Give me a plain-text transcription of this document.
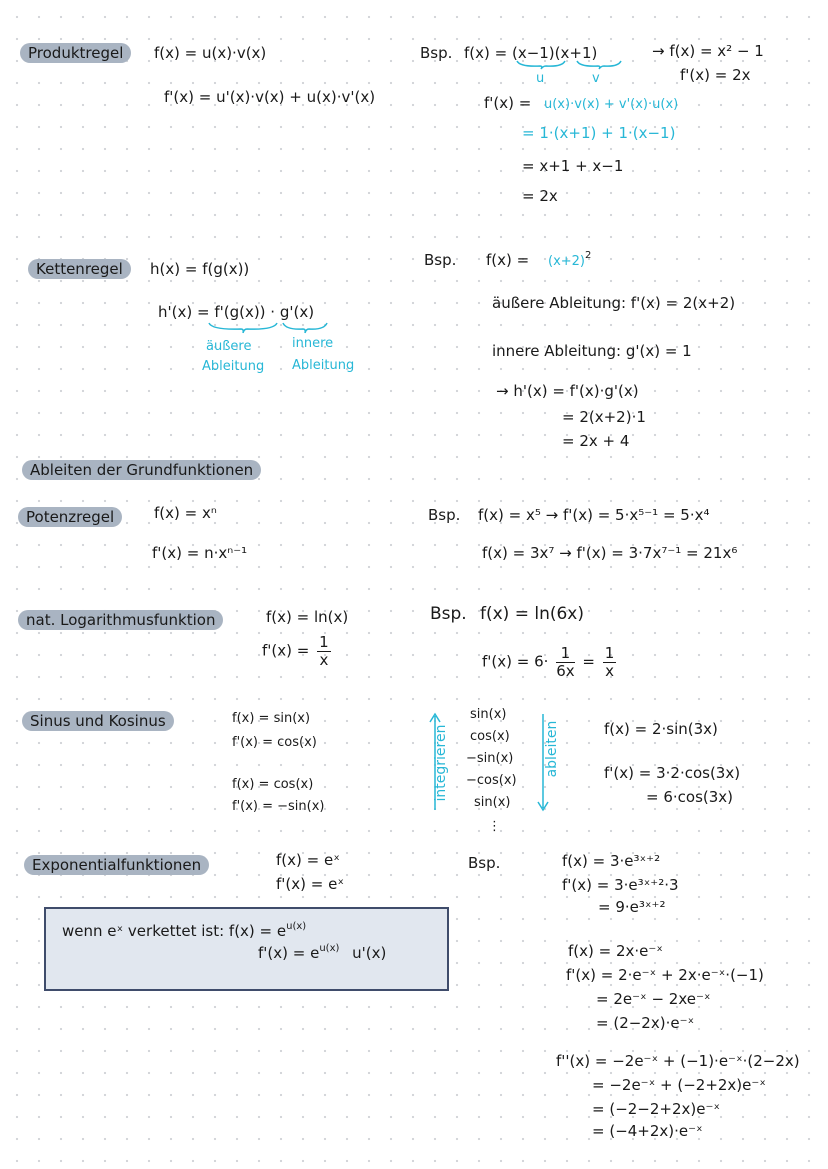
Produktregel	f(x) = u(x)·v(x)
f'(x) = u'(x)·v(x) + u(x)·v'(x)
Bsp. f(x) = (x−1)(x+1)
u	v
→ f(x) = x² − 1
f'(x) = 2x
f'(x) = u(x)·v(x) + v'(x)·u(x)
= 1·(x+1) + 1·(x−1)
= x+1 + x−1
= 2x
Kettenregel	h(x) = f(g(x))
h'(x) = f'(g(x)) · g'(x)
äußere
Ableitung
innere
Ableitung
Bsp. $f(x) = (x+2)^2$
äußere Ableitung: f'(x) = 2(x+2)
innere Ableitung: g'(x) = 1
→ h'(x) = f'(x)·g'(x)
= 2(x+2)·1
= 2x + 4
Ableiten der Grundfunktionen
Potenzregel	f(x) = xⁿ
f'(x) = n·xⁿ⁻¹
Bsp. f(x) = x⁵ → f'(x) = 5·x⁵⁻¹ = 5·x⁴
f(x) = 3x⁷ → f'(x) = 3·7x⁷⁻¹ = 21x⁶
nat. Logarithmusfunktion	f(x) = ln(x)
$f'(x) = \frac{1}{x}$
Bsp. f(x) = ln(6x)
$f'(x) = 6\cdot \frac{1}{6x} = \frac{1}{x}$
Sinus und Kosinus	f(x) = sin(x)
f'(x) = cos(x)
f(x) = cos(x)
f'(x) = −sin(x)
integrieren
sin(x)
cos(x)
−sin(x)
−cos(x)
sin(x)
⋮
ableiten	f(x) = 2·sin(3x)
f'(x) = 3·2·cos(3x)
= 6·cos(3x)
Exponentialfunktionen	f(x) = eˣ
f'(x) = eˣ
wenn eˣ verkettet ist: $f(x) = e^{u(x)}$
$f'(x) = e^{u(x)}$ u'(x)
Bsp.	f(x) = 3·e³ˣ⁺²
f'(x) = 3·e³ˣ⁺²·3
= 9·e³ˣ⁺²
f(x) = 2x·e⁻ˣ
f'(x) = 2·e⁻ˣ + 2x·e⁻ˣ·(−1)
= 2e⁻ˣ − 2xe⁻ˣ
= (2−2x)·e⁻ˣ
f''(x) = −2e⁻ˣ + (−1)·e⁻ˣ·(2−2x)
= −2e⁻ˣ + (−2+2x)e⁻ˣ
= (−2−2+2x)e⁻ˣ
= (−4+2x)·e⁻ˣ
